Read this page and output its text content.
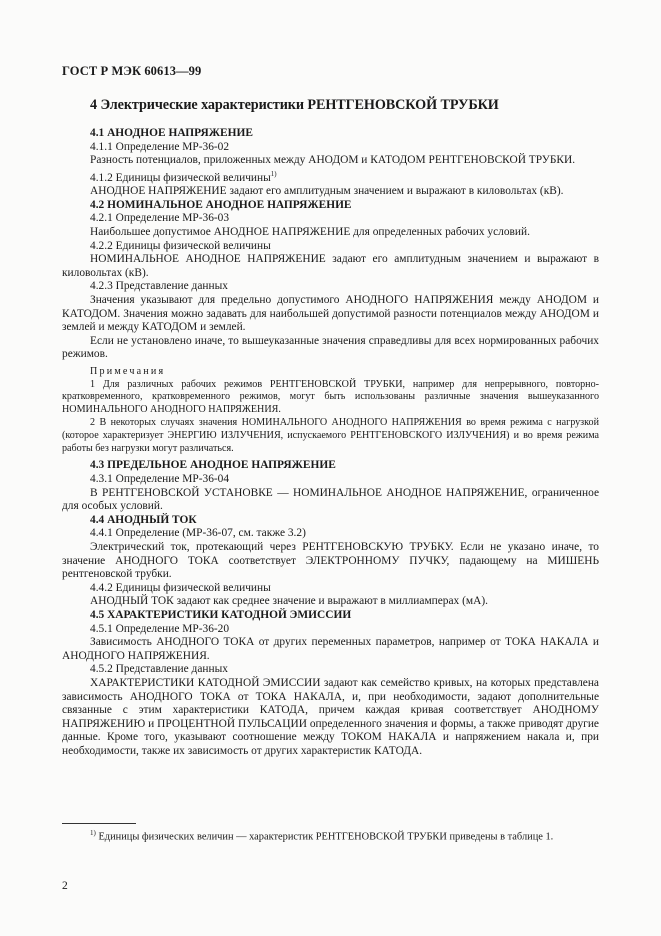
ГОСТ Р МЭК 60613—99
4 Электрические характеристики РЕНТГЕНОВСКОЙ ТРУБКИ

4.1 АНОДНОЕ НАПРЯЖЕНИЕ

4.1.1 Определение МР-36-02

Разность потенциалов, приложенных между АНОДОМ и КАТОДОМ РЕНТГЕНОВСКОЙ ТРУБКИ.

4.1.2 Единицы физической величины$^{1)}$

АНОДНОЕ НАПРЯЖЕНИЕ задают его амплитудным значением и выражают в киловольтах (кВ).

4.2 НОМИНАЛЬНОЕ АНОДНОЕ НАПРЯЖЕНИЕ

4.2.1 Определение МР-36-03

Наибольшее допустимое АНОДНОЕ НАПРЯЖЕНИЕ для определенных рабочих условий.

4.2.2 Единицы физической величины

НОМИНАЛЬНОЕ АНОДНОЕ НАПРЯЖЕНИЕ задают его амплитудным значением и выражают в киловольтах (кВ).

4.2.3 Представление данных

Значения указывают для предельно допустимого АНОДНОГО НАПРЯЖЕНИЯ между АНОДОМ и КАТОДОМ. Значения можно задавать для наибольшей допустимой разности потенциалов между АНОДОМ и землей и между КАТОДОМ и землей.

Если не установлено иначе, то вышеуказанные значения справедливы для всех нормированных рабочих режимов.

Примечания

1 Для различных рабочих режимов РЕНТГЕНОВСКОЙ ТРУБКИ, например для непрерывного, повторно-кратковременного, кратковременного режимов, могут быть использованы различные значения вышеуказанного НОМИНАЛЬНОГО АНОДНОГО НАПРЯЖЕНИЯ.

2 В некоторых случаях значения НОМИНАЛЬНОГО АНОДНОГО НАПРЯЖЕНИЯ во время режима с нагрузкой (которое характеризует ЭНЕРГИЮ ИЗЛУЧЕНИЯ, испускаемого РЕНТГЕНОВСКОГО ИЗЛУЧЕНИЯ) и во время режима работы без нагрузки могут различаться.

4.3 ПРЕДЕЛЬНОЕ АНОДНОЕ НАПРЯЖЕНИЕ

4.3.1 Определение МР-36-04

В РЕНТГЕНОВСКОЙ УСТАНОВКЕ — НОМИНАЛЬНОЕ АНОДНОЕ НАПРЯЖЕНИЕ, ограниченное для особых условий.

4.4 АНОДНЫЙ ТОК

4.4.1 Определение (МР-36-07, см. также 3.2)

Электрический ток, протекающий через РЕНТГЕНОВСКУЮ ТРУБКУ. Если не указано иначе, то значение АНОДНОГО ТОКА соответствует ЭЛЕКТРОННОМУ ПУЧКУ, падающему на МИШЕНЬ рентгеновской трубки.

4.4.2 Единицы физической величины

АНОДНЫЙ ТОК задают как среднее значение и выражают в миллиамперах (мА).

4.5 ХАРАКТЕРИСТИКИ КАТОДНОЙ ЭМИССИИ

4.5.1 Определение МР-36-20

Зависимость АНОДНОГО ТОКА от других переменных параметров, например от ТОКА НАКАЛА и АНОДНОГО НАПРЯЖЕНИЯ.

4.5.2 Представление данных

ХАРАКТЕРИСТИКИ КАТОДНОЙ ЭМИССИИ задают как семейство кривых, на которых представлена зависимость АНОДНОГО ТОКА от ТОКА НАКАЛА, и, при необходимости, задают дополнительные связанные с этим характеристики КАТОДА, причем каждая кривая соответствует АНОДНОМУ НАПРЯЖЕНИЮ и ПРОЦЕНТНОЙ ПУЛЬСАЦИИ определенного значения и формы, а также приводят другие данные. Кроме того, указывают соотношение между ТОКОМ НАКАЛА и напряжением накала и, при необходимости, также их зависимость от других характеристик КАТОДА.

$^{1)}$ Единицы физических величин — характеристик РЕНТГЕНОВСКОЙ ТРУБКИ приведены в таблице 1.
2
